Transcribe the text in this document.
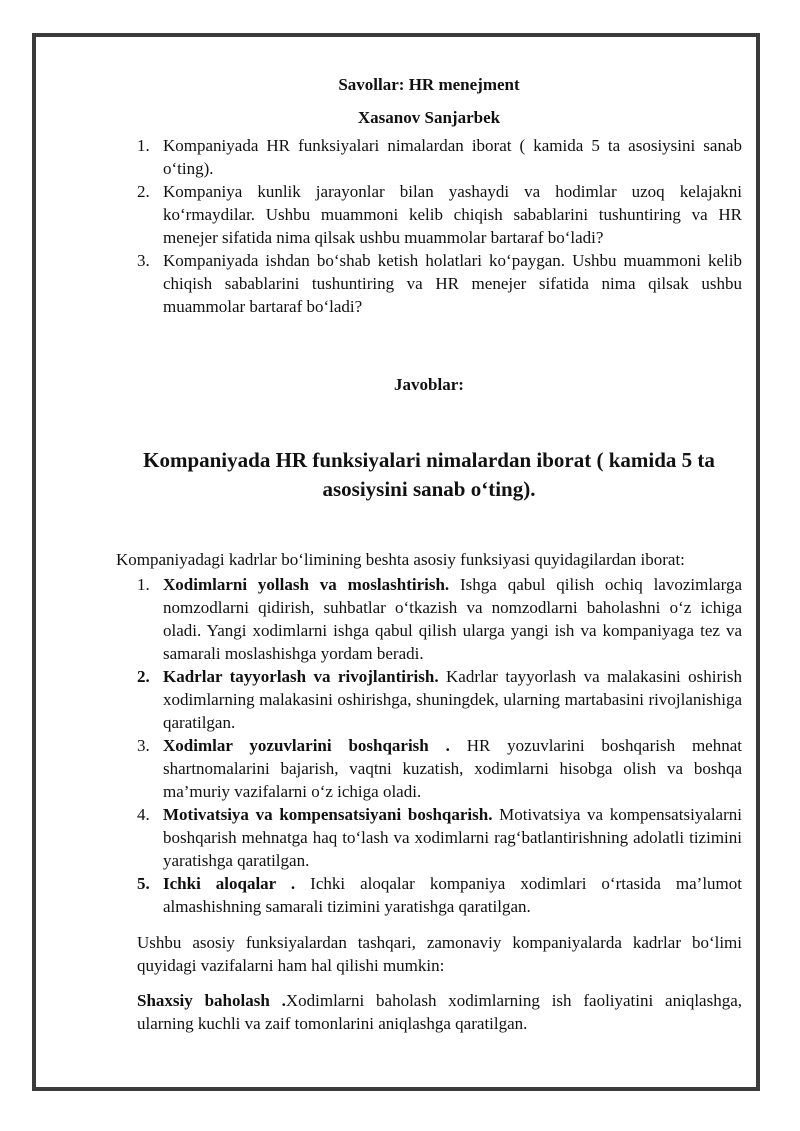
Savollar: HR menejment
Xasanov Sanjarbek
1. Kompaniyada HR funksiyalari nimalardan iborat ( kamida 5 ta asosiysini sanab o‘ting).
2. Kompaniya kunlik jarayonlar bilan yashaydi va hodimlar uzoq kelajakni ko‘rmaydilar. Ushbu muammoni kelib chiqish sabablarini tushuntiring va HR menejer sifatida nima qilsak ushbu muammolar bartaraf bo‘ladi?
3. Kompaniyada ishdan bo‘shab ketish holatlari ko‘paygan. Ushbu muammoni kelib chiqish sabablarini tushuntiring va HR menejer sifatida nima qilsak ushbu muammolar bartaraf bo‘ladi?
Javoblar:
Kompaniyada HR funksiyalari nimalardan iborat ( kamida 5 ta asosiysini sanab o‘ting).
Kompaniyadagi kadrlar bo‘limining beshta asosiy funksiyasi quyidagilardan iborat:
1. Xodimlarni yollash va moslashtirish. Ishga qabul qilish ochiq lavozimlarga nomzodlarni qidirish, suhbatlar o‘tkazish va nomzodlarni baholashni o‘z ichiga oladi. Yangi xodimlarni ishga qabul qilish ularga yangi ish va kompaniyaga tez va samarali moslashishga yordam beradi.
2. Kadrlar tayyorlash va rivojlantirish. Kadrlar tayyorlash va malakasini oshirish xodimlarning malakasini oshirishga, shuningdek, ularning martabasini rivojlanishiga qaratilgan.
3. Xodimlar yozuvlarini boshqarish . HR yozuvlarini boshqarish mehnat shartnomalarini bajarish, vaqtni kuzatish, xodimlarni hisobga olish va boshqa ma’muriy vazifalarni o‘z ichiga oladi.
4. Motivatsiya va kompensatsiyani boshqarish. Motivatsiya va kompensatsiyalarni boshqarish mehnatga haq to‘lash va xodimlarni rag‘batlantirishning adolatli tizimini yaratishga qaratilgan.
5. Ichki aloqalar . Ichki aloqalar kompaniya xodimlari o‘rtasida ma’lumot almashishning samarali tizimini yaratishga qaratilgan.
Ushbu asosiy funksiyalardan tashqari, zamonaviy kompaniyalarda kadrlar bo‘limi quyidagi vazifalarni ham hal qilishi mumkin:
Shaxsiy baholash .Xodimlarni baholash xodimlarning ish faoliyatini aniqlashga, ularning kuchli va zaif tomonlarini aniqlashga qaratilgan.
